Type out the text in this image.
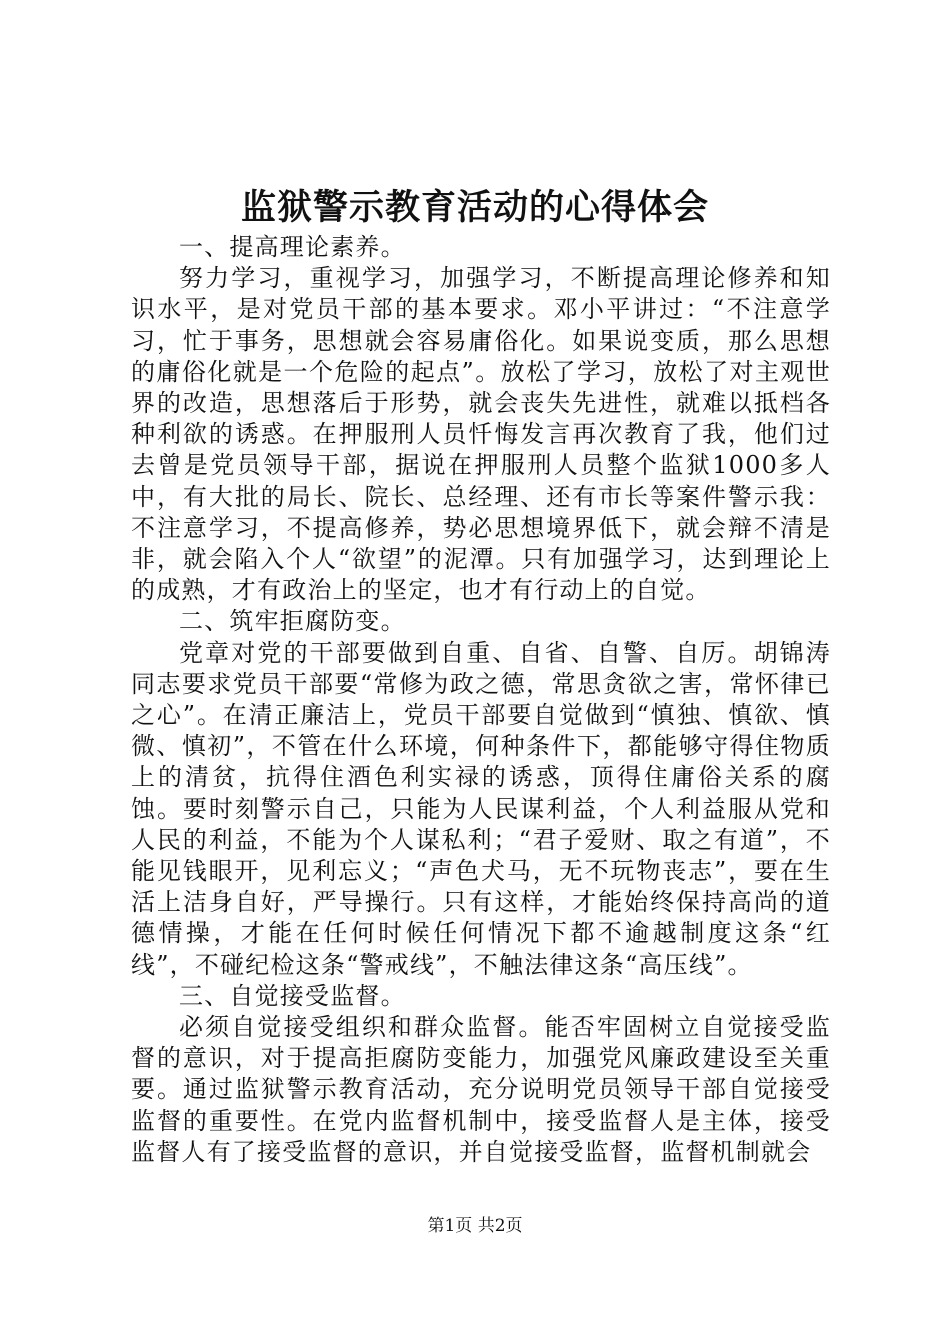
监狱警示教育活动的心得体会

一、提高理论素养。

努力学习，重视学习，加强学习，不断提高理论修养和知识水平，是对党员干部的基本要求。邓小平讲过：“不注意学习，忙于事务，思想就会容易庸俗化。如果说变质，那么思想的庸俗化就是一个危险的起点”。放松了学习，放松了对主观世界的改造，思想落后于形势，就会丧失先进性，就难以抵档各种利欲的诱惑。在押服刑人员忏悔发言再次教育了我，他们过去曾是党员领导干部，据说在押服刑人员整个监狱1000多人中，有大批的局长、院长、总经理、还有市长等案件警示我：不注意学习，不提高修养，势必思想境界低下，就会辩不清是非，就会陷入个人“欲望”的泥潭。只有加强学习，达到理论上的成熟，才有政治上的坚定，也才有行动上的自觉。

二、筑牢拒腐防变。

党章对党的干部要做到自重、自省、自警、自厉。胡锦涛同志要求党员干部要“常修为政之德，常思贪欲之害，常怀律已之心”。在清正廉洁上，党员干部要自觉做到“慎独、慎欲、慎微、慎初”，不管在什么环境，何种条件下，都能够守得住物质上的清贫，抗得住酒色利实禄的诱惑，顶得住庸俗关系的腐蚀。要时刻警示自己，只能为人民谋利益，个人利益服从党和人民的利益，不能为个人谋私利；“君子爱财、取之有道”，不能见钱眼开，见利忘义；“声色犬马，无不玩物丧志”，要在生活上洁身自好，严导操行。只有这样，才能始终保持高尚的道德情操，才能在任何时候任何情况下都不逾越制度这条“红线”，不碰纪检这条“警戒线”，不触法律这条“高压线”。

三、自觉接受监督。

必须自觉接受组织和群众监督。能否牢固树立自觉接受监督的意识，对于提高拒腐防变能力，加强党风廉政建设至关重要。通过监狱警示教育活动，充分说明党员领导干部自觉接受监督的重要性。在党内监督机制中，接受监督人是主体，接受监督人有了接受监督的意识，并自觉接受监督，监督机制就会

第1页 共2页
